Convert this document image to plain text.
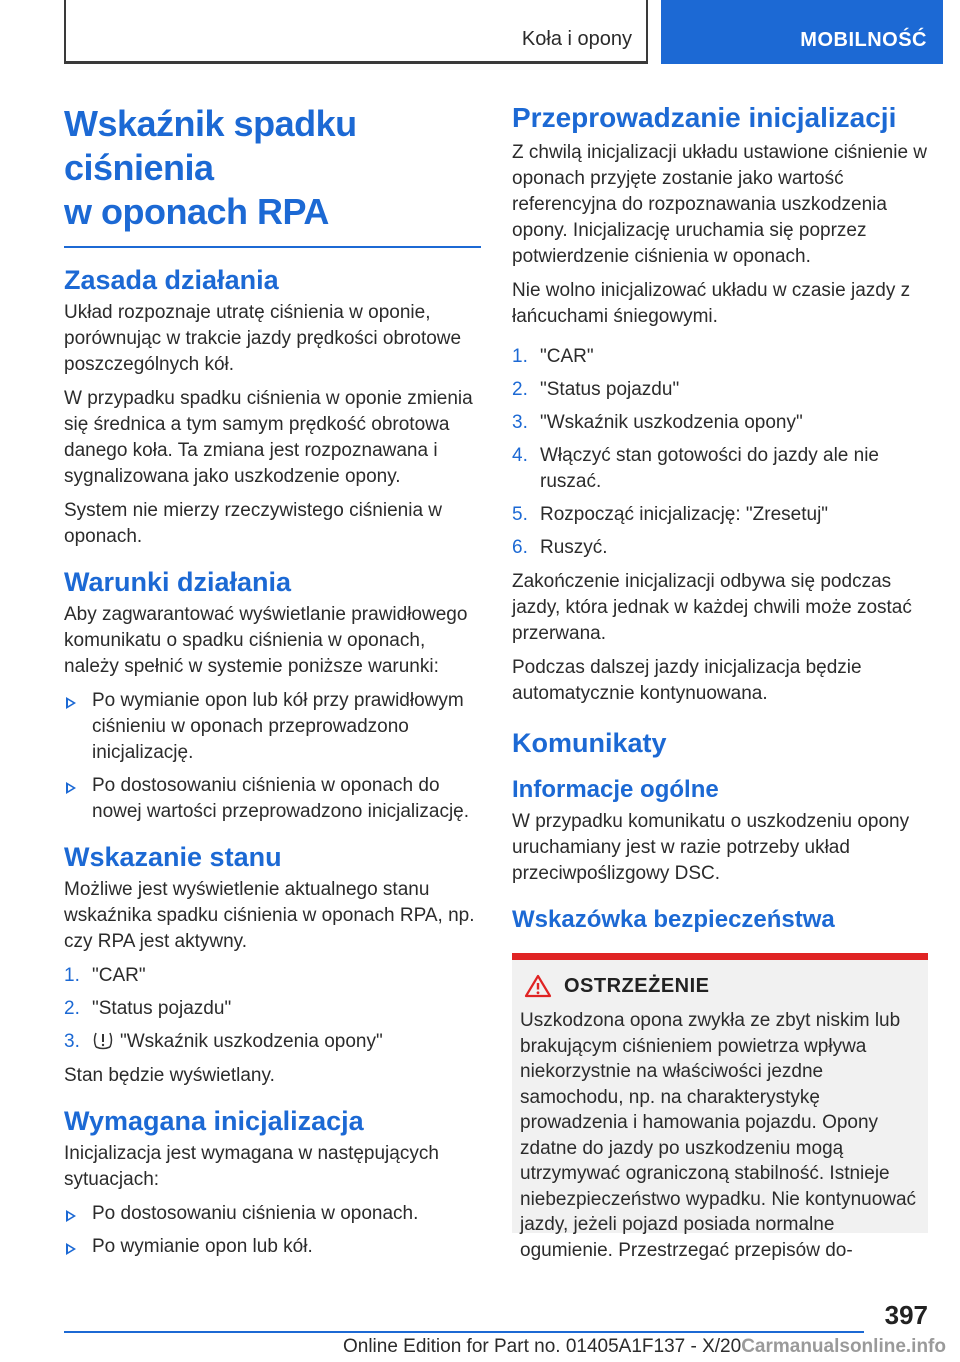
Koła i opony	MOBILNOŚĆ
Wskaźnik spadku ciśnienia
w oponach RPA
Zasada działania

Układ rozpoznaje utratę ciśnienia w oponie, porównując w trakcie jazdy prędkości obrotowe poszczególnych kół.

W przypadku spadku ciśnienia w oponie zmienia się średnica a tym samym prędkość obrotowa danego koła. Ta zmiana jest rozpoznawana i sygnalizowana jako uszkodzenie opony.

System nie mierzy rzeczywistego ciśnienia w oponach.

Warunki działania

Aby zagwarantować wyświetlanie prawidłowego komunikatu o spadku ciśnienia w oponach, należy spełnić w systemie poniższe warunki:

Po wymianie opon lub kół przy prawidłowym ciśnieniu w oponach przeprowadzono inicjalizację.
Po dostosowaniu ciśnienia w oponach do nowej wartości przeprowadzono inicjalizację.
Wskazanie stanu

Możliwe jest wyświetlenie aktualnego stanu wskaźnika spadku ciśnienia w oponach RPA, np. czy RPA jest aktywny.

1. "CAR"
2. "Status pojazdu"
3. "Wskaźnik uszkodzenia opony"

Stan będzie wyświetlany.

Wymagana inicjalizacja

Inicjalizacja jest wymagana w następujących sytuacjach:

Po dostosowaniu ciśnienia w oponach.
Po wymianie opon lub kół.
Przeprowadzanie inicjalizacji

Z chwilą inicjalizacji układu ustawione ciśnienie w oponach przyjęte zostanie jako wartość referencyjna do rozpoznawania uszkodzenia opony. Inicjalizację uruchamia się poprzez potwierdzenie ciśnienia w oponach.

Nie wolno inicjalizować układu w czasie jazdy z łańcuchami śniegowymi.

1. "CAR"
2. "Status pojazdu"
3. "Wskaźnik uszkodzenia opony"
4. Włączyć stan gotowości do jazdy ale nie ruszać.
5. Rozpocząć inicjalizację: "Zresetuj"
6. Ruszyć.

Zakończenie inicjalizacji odbywa się podczas jazdy, która jednak w każdej chwili może zostać przerwana.

Podczas dalszej jazdy inicjalizacja będzie automatycznie kontynuowana.

Komunikaty
Informacje ogólne

W przypadku komunikatu o uszkodzeniu opony uruchamiany jest w razie potrzeby układ przeciwpoślizgowy DSC.

Wskazówka bezpieczeństwa
OSTRZEŻENIE

Uszkodzona opona zwykła ze zbyt niskim lub brakującym ciśnieniem powietrza wpływa niekorzystnie na właściwości jezdne samochodu, np. na charakterystykę prowadzenia i hamowania pojazdu. Opony zdatne do jazdy po uszkodzeniu mogą utrzymywać ograniczoną stabilność. Istnieje niebezpieczeństwo wypadku. Nie kontynuować jazdy, jeżeli pojazd posiada normalne ogumienie. Przestrzegać przepisów do-

397
Online Edition for Part no. 01405A1F137 - X/20Carmanualsonline.info
